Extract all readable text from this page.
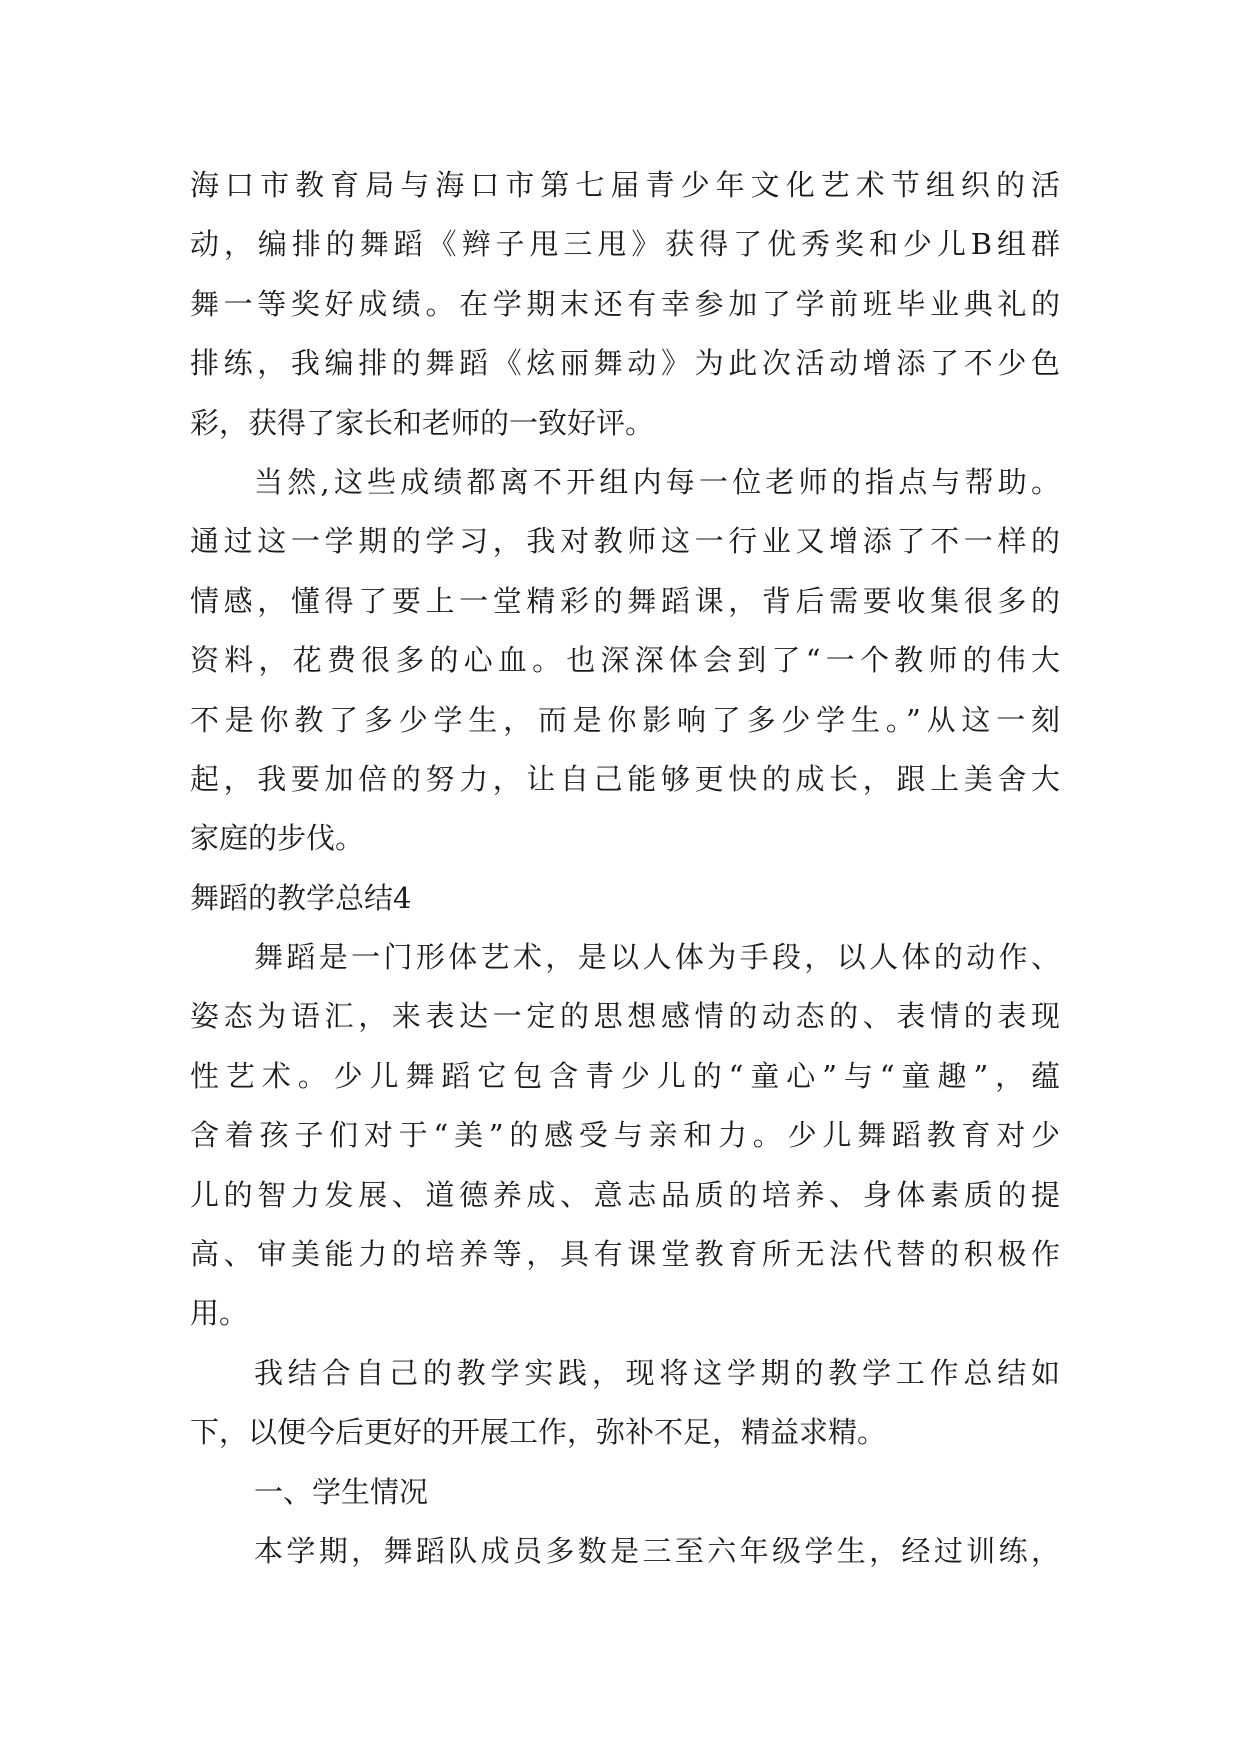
海口市教育局与海口市第七届青少年文化艺术节组织的活
动，编排的舞蹈《辫子甩三甩》获得了优秀奖和少儿B组群
舞一等奖好成绩。在学期末还有幸参加了学前班毕业典礼的
排练，我编排的舞蹈《炫丽舞动》为此次活动增添了不少色
彩，获得了家长和老师的一致好评。
当然,这些成绩都离不开组内每一位老师的指点与帮助。
通过这一学期的学习，我对教师这一行业又增添了不一样的
情感，懂得了要上一堂精彩的舞蹈课，背后需要收集很多的
资料，花费很多的心血。也深深体会到了“一个教师的伟大
不是你教了多少学生，而是你影响了多少学生。”从这一刻
起，我要加倍的努力，让自己能够更快的成长，跟上美舍大
家庭的步伐。
舞蹈的教学总结4
舞蹈是一门形体艺术，是以人体为手段，以人体的动作、
姿态为语汇，来表达一定的思想感情的动态的、表情的表现
性艺术。少儿舞蹈它包含青少儿的“童心”与“童趣”，蕴
含着孩子们对于“美”的感受与亲和力。少儿舞蹈教育对少
儿的智力发展、道德养成、意志品质的培养、身体素质的提
高、审美能力的培养等，具有课堂教育所无法代替的积极作
用。
我结合自己的教学实践，现将这学期的教学工作总结如
下，以便今后更好的开展工作，弥补不足，精益求精。
一、学生情况
本学期，舞蹈队成员多数是三至六年级学生，经过训练，
